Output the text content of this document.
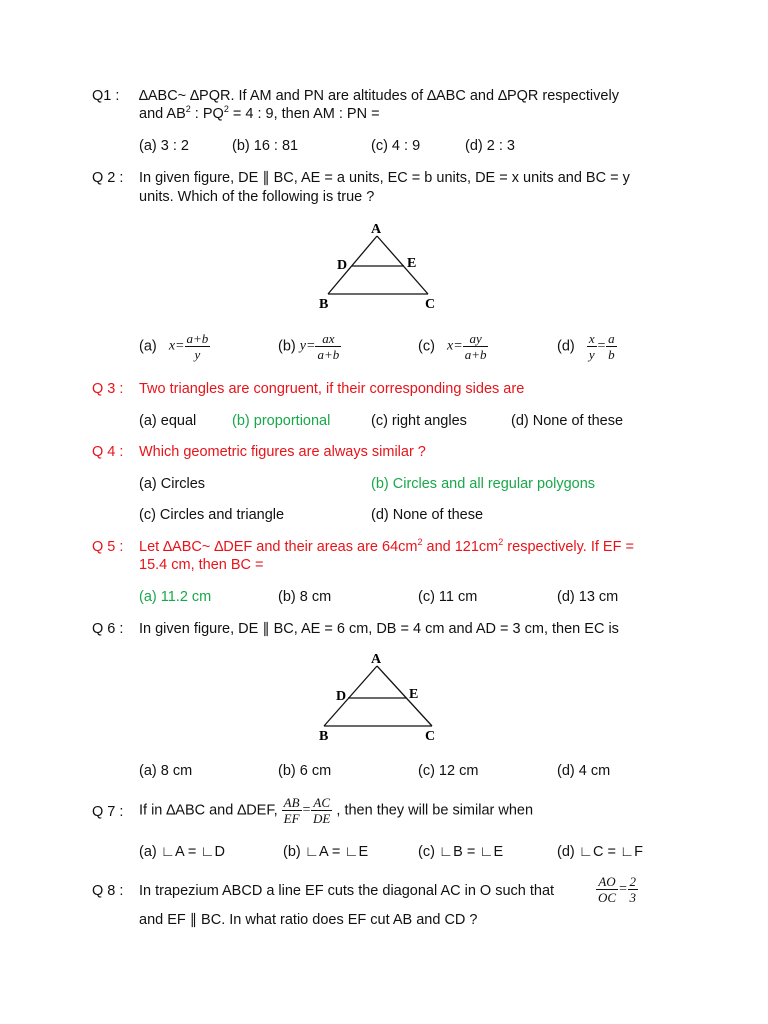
Q1 : ∆ABC~ ∆PQR. If AM and PN are altitudes of ∆ABC and ∆PQR respectively
and $AB^2$ : $PQ^2 = 4$ : 9, then AM : PN =
(a) 3 : 2	(b) 16 : 81	(c) 4 : 9	(d) 2 : 3
Q 2 : In given figure, DE ∥ BC, AE = a units, EC = b units, DE = x units and BC = y
units. Which of the following is true ?
A
D	E
B	C
(a) $x= \frac{a+b}{y}$	(b) $y= \frac{ax}{a+b}$	(c) $x= \frac{ay}{a+b}$	$(d) \frac{x}{y} = \frac{a}{b}$
Q 3 : Two triangles are congruent, if their corresponding sides are
(a) equal (b) proportional	(c) right angles	(d) None of these
Q 4 : Which geometric figures are always similar ?
(a) Circles	(b) Circles and all regular polygons
(c) Circles and triangle	(d) None of these
Q 5 : Let ∆ABC~ ∆DEF and their areas are $64cm^2$ and $121cm^2$ respectively. If EF =
15.4 cm, then BC =
(a) 11.2 cm	(b) 8 cm	(c) 11 cm	(d) 13 cm
Q 6 : In given figure, DE ∥ BC, AE = 6 cm, DB = 4 cm and AD = 3 cm, then EC is
A
D	E
B	C
(a) 8 cm	(b) 6 cm	(c) 12 cm	(d) 4 cm
Q 7 : If in ∆ABC and ∆DEF, $\frac{AB}{EF} = \frac{AC}{DE}$ , then they will be similar when
(a) ∟A = ∟D	(b) ∟A = ∟E	(c) ∟B = ∟E	(d) ∟C = ∟F
Q 8 : In trapezium ABCD a line EF cuts the diagonal AC in O such that	$\frac{AO}{OC} = \frac{2}{3}$
and EF ∥ BC. In what ratio does EF cut AB and CD ?
